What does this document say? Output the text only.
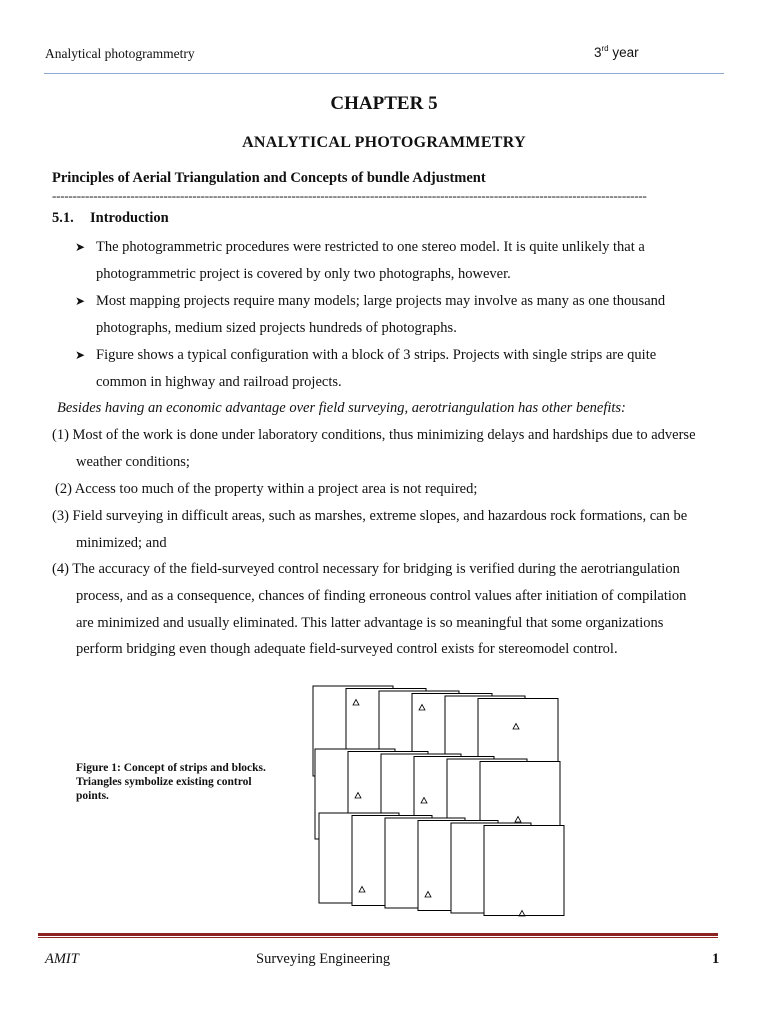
Analytical photogrammetry	3rd year
CHAPTER 5
ANALYTICAL PHOTOGRAMMETRY
Principles of Aerial Triangulation and Concepts of bundle Adjustment
------------------------------------------------------------------------------------------------------------------------------------------------
5.1. Introduction
➤ The photogrammetric procedures were restricted to one stereo model. It is quite unlikely that a
photogrammetric project is covered by only two photographs, however.
➤ Most mapping projects require many models; large projects may involve as many as one thousand
photographs, medium sized projects hundreds of photographs.
➤ Figure shows a typical configuration with a block of 3 strips. Projects with single strips are quite
common in highway and railroad projects.
Besides having an economic advantage over field surveying, aerotriangulation has other benefits:
(1) Most of the work is done under laboratory conditions, thus minimizing delays and hardships due to adverse
weather conditions;
(2) Access too much of the property within a project area is not required;
(3) Field surveying in difficult areas, such as marshes, extreme slopes, and hazardous rock formations, can be
minimized; and
(4) The accuracy of the field-surveyed control necessary for bridging is verified during the aerotriangulation
process, and as a consequence, chances of finding erroneous control values after initiation of compilation
are minimized and usually eliminated. This latter advantage is so meaningful that some organizations
perform bridging even though adequate field-surveyed control exists for stereomodel control.
Figure 1: Concept of strips and blocks. Triangles symbolize existing control points.
AMIT	Surveying Engineering	1
